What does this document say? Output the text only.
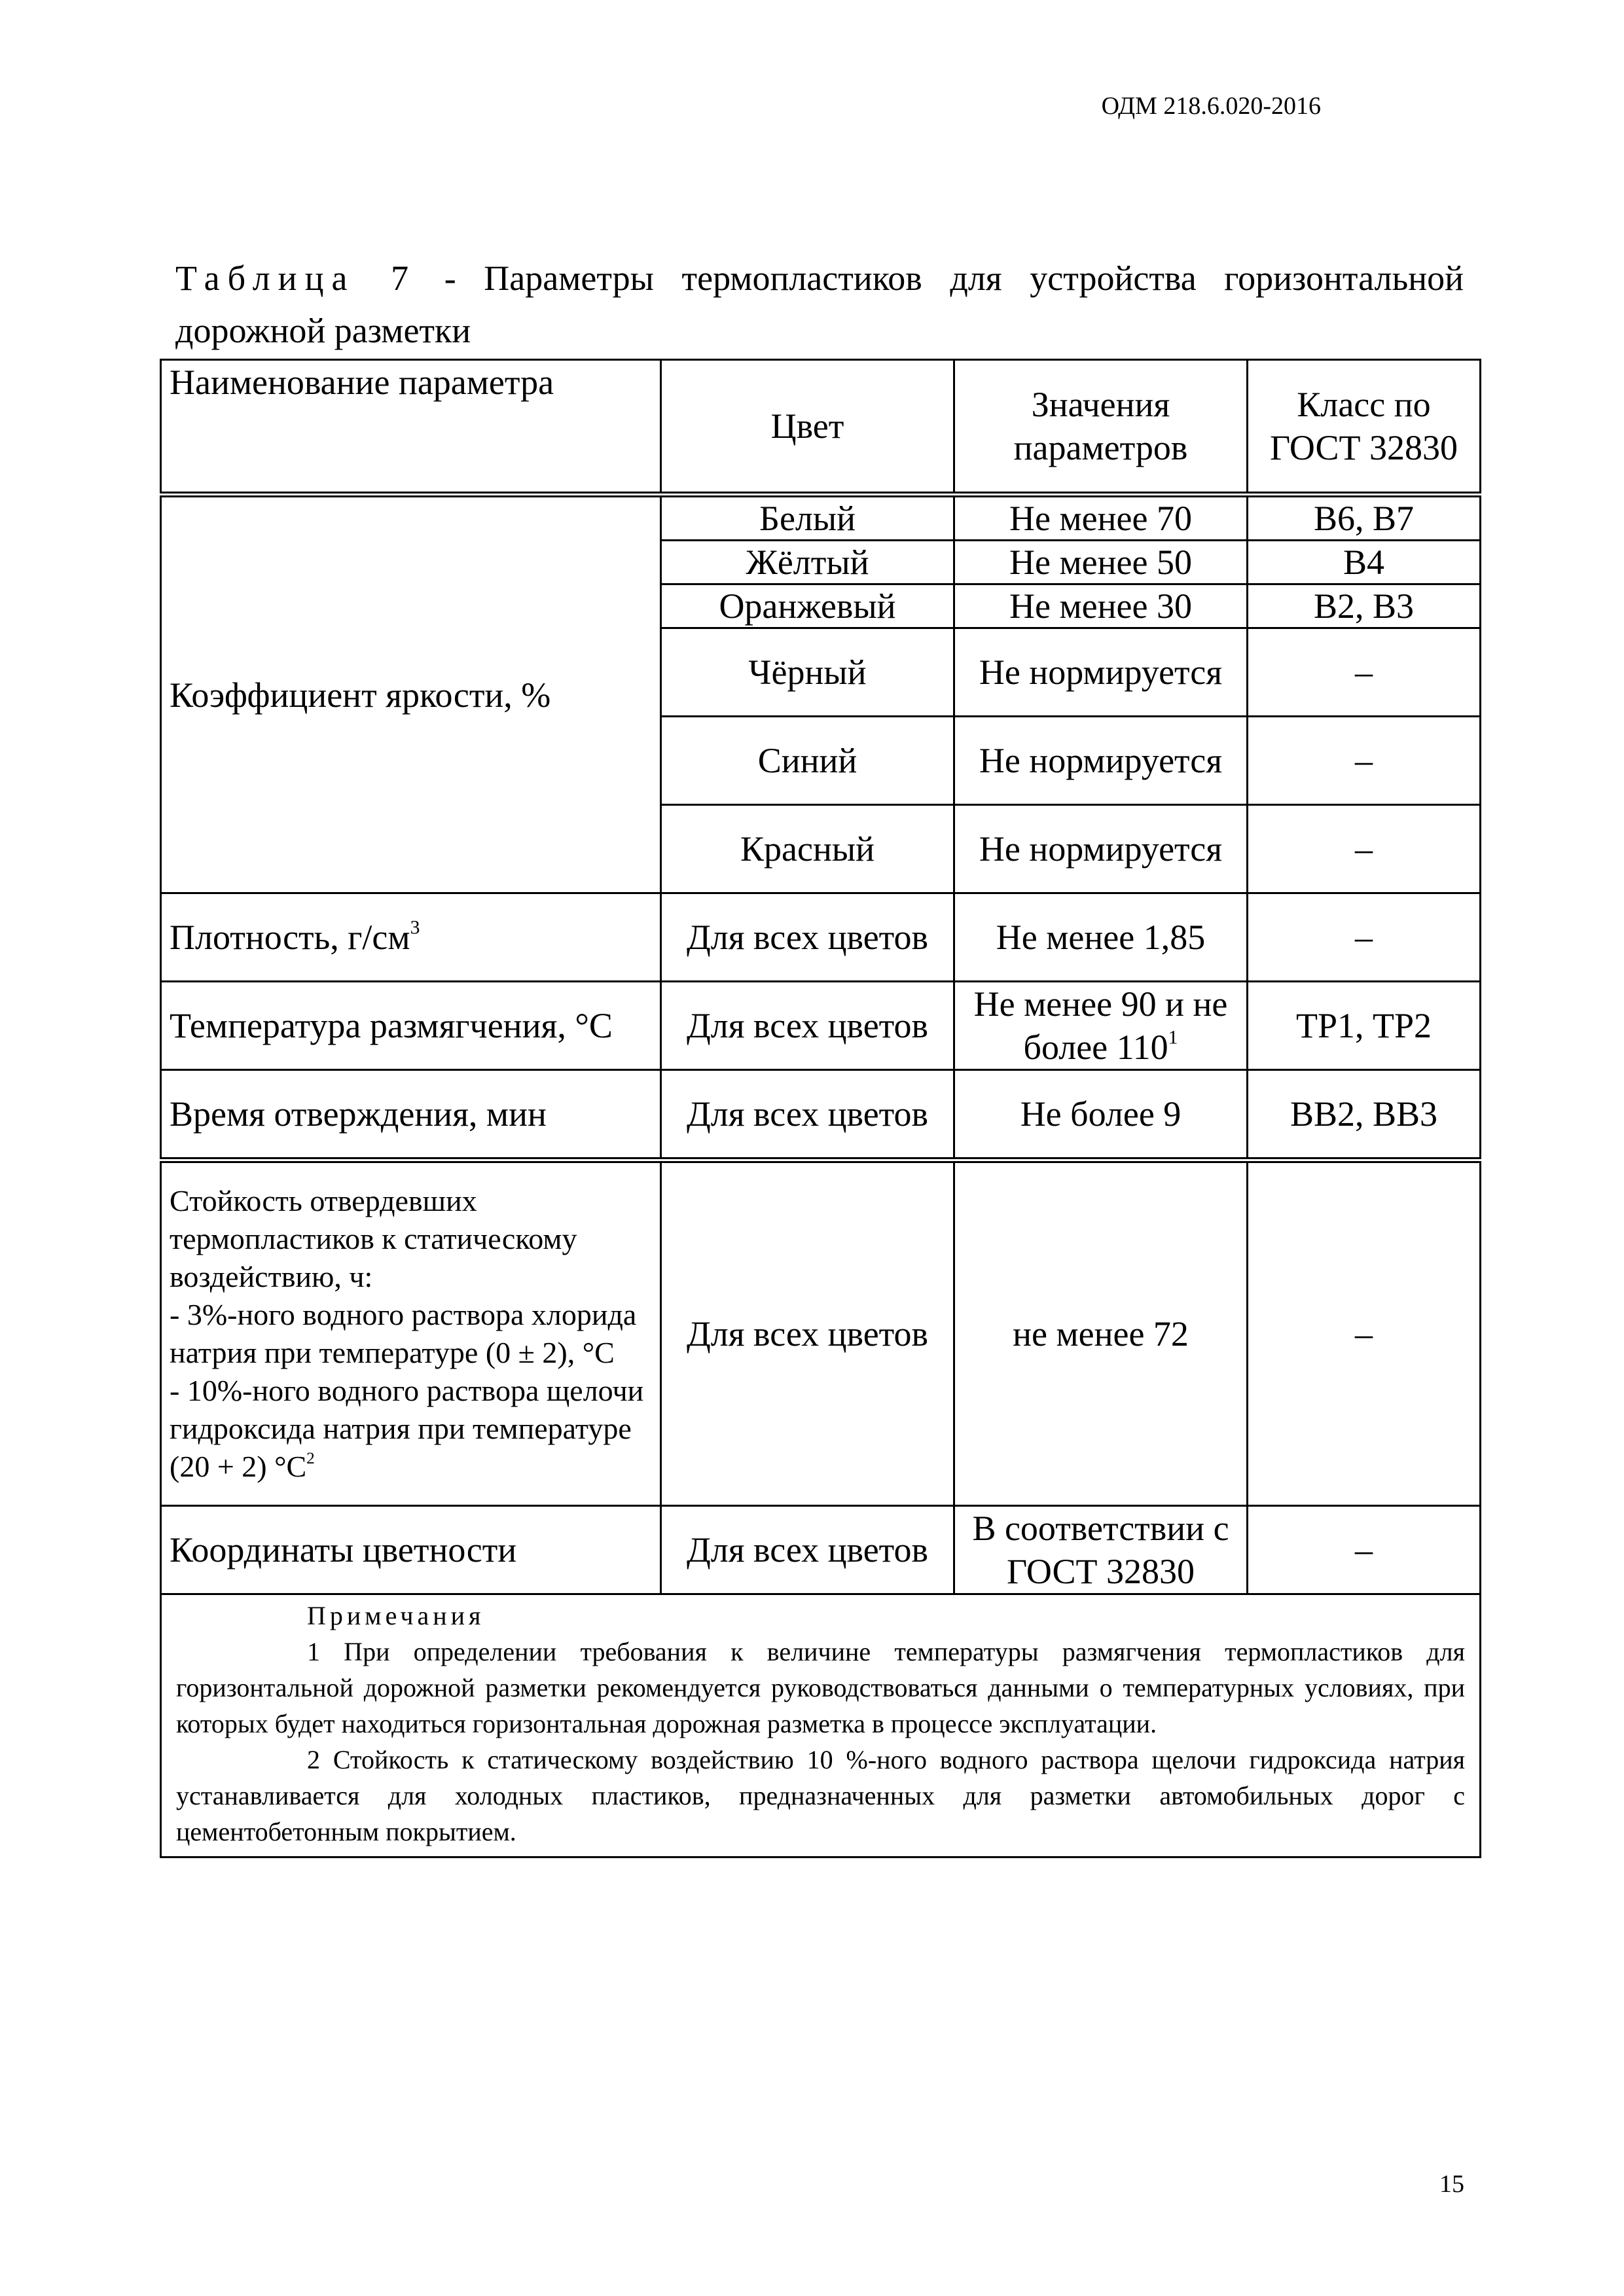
ОДМ 218.6.020-2016
Таблица 7 - Параметры термопластиков для устройства горизонтальной дорожной разметки
Наименование параметра	Цвет	Значения параметров	Класс по ГОСТ 32830
Коэффициент яркости, %	Белый	Не менее 70	В6, В7
	Жёлтый	Не менее 50	В4
	Оранжевый	Не менее 30	В2, В3
	Чёрный	Не нормируется	–
	Синий	Не нормируется	–
	Красный	Не нормируется	–
Плотность, $г/см^3$	Для всех цветов	Не менее 1,85	–
Температура размягчения, °С	Для всех цветов	Не менее 90 и не более $110^1$	ТР1, ТР2
Время отверждения, мин	Для всех цветов	Не более 9	ВВ2, ВВ3

Стойкость отвердевших термопластиков к статическому воздействию, ч:
- 3%-ного водного раствора хлорида натрия при температуре (0 ± 2), °С
- 10%-ного водного раствора щелочи гидроксида натрия при температуре (20 + 2) $^\circ С^2$	Для всех цветов	не менее 72	–
Координаты цветности	Для всех цветов	В соответствии с ГОСТ 32830	–

Примечания
1 При определении требования к величине температуры размягчения термопластиков для горизонтальной дорожной разметки рекомендуется руководствоваться данными о температурных условиях, при которых будет находиться горизонтальная дорожная разметка в процессе эксплуатации.
2 Стойкость к статическому воздействию 10 %-ного водного раствора щелочи гидроксида натрия устанавливается для холодных пластиков, предназначенных для разметки автомобильных дорог с цементобетонным покрытием.			
15
